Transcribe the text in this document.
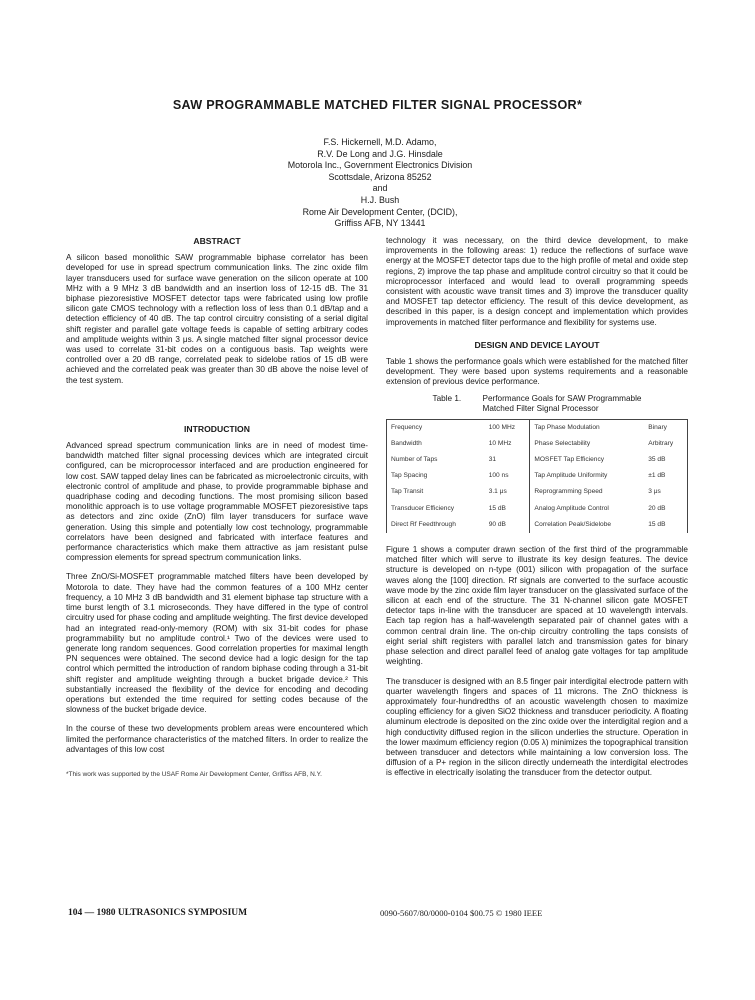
SAW PROGRAMMABLE MATCHED FILTER SIGNAL PROCESSOR*
F.S. Hickernell, M.D. Adamo,
R.V. De Long and J.G. Hinsdale
Motorola Inc., Government Electronics Division
Scottsdale, Arizona 85252
and
H.J. Bush
Rome Air Development Center, (DCID),
Griffiss AFB, NY 13441
ABSTRACT

A silicon based monolithic SAW programmable biphase correlator has been developed for use in spread spectrum communication links. The zinc oxide film layer transducers used for surface wave generation on the silicon operate at 100 MHz with a 9 MHz 3 dB bandwidth and an insertion loss of 12-15 dB. The 31 biphase piezoresistive MOSFET detector taps were fabricated using low profile silicon gate CMOS technology with a reflection loss of less than 0.1 dB/tap and a detection efficiency of 40 dB. The tap control circuitry consisting of a serial digital shift register and parallel gate voltage feeds is capable of setting arbitrary codes and amplitude weights within 3 μs. A single matched filter signal processor device was used to correlate 31-bit codes on a contiguous basis. Tap weights were controlled over a 20 dB range, correlated peak to sidelobe ratios of 15 dB were achieved and the correlated peak was greater than 30 dB above the noise level of the test system.

INTRODUCTION

Advanced spread spectrum communication links are in need of modest time-bandwidth matched filter signal processing devices which are integrated circuit configured, can be microprocessor interfaced and are production engineered for low cost. SAW tapped delay lines can be fabricated as microelectronic circuits, with electronic control of amplitude and phase, to provide programmable biphase and quadriphase coding and decoding functions. The most promising silicon based monolithic approach is to use voltage programmable MOSFET piezoresistive taps as detectors and zinc oxide (ZnO) film layer transducers for surface wave generation. Using this simple and potentially low cost technology, programmable correlators have been designed and fabricated with interface features and performance characteristics which make them attractive as jam resistant pulse compression elements for spread spectrum communication links.

Three ZnO/Si-MOSFET programmable matched filters have been developed by Motorola to date. They have had the common features of a 100 MHz center frequency, a 10 MHz 3 dB bandwidth and 31 element biphase tap structure with a time burst length of 3.1 microseconds. They have differed in the type of control circuitry used for phase coding and amplitude weighting. The first device developed had an integrated read-only-memory (ROM) with six 31-bit codes for phase programmability but no amplitude control.¹ Two of the devices were used to generate long random sequences. Good correlation properties for maximal length PN sequences were obtained. The second device had a logic design for the tap control which permitted the introduction of random biphase coding through a 31-bit shift register and amplitude weighting through a bucket brigade device.² This substantially increased the flexibility of the device for encoding and decoding operations but extended the time required for setting codes because of the slowness of the bucket brigade device.

In the course of these two developments problem areas were encountered which limited the performance characteristics of the matched filters. In order to realize the advantages of this low cost

*This work was supported by the USAF Rome Air Development Center, Griffiss AFB, N.Y.

technology it was necessary, on the third device development, to make improvements in the following areas: 1) reduce the reflections of surface wave energy at the MOSFET detector taps due to the high profile of metal and oxide step regions, 2) improve the tap phase and amplitude control circuitry so that it could be microprocessor interfaced and would lead to overall programming speeds consistent with acoustic wave transit times and 3) improve the transducer quality and MOSFET tap detector efficiency. The result of this device development, as described in this paper, is a design concept and implementation which provides improvements in matched filter performance and flexibility for systems use.

DESIGN AND DEVICE LAYOUT

Table 1 shows the performance goals which were established for the matched filter development. They were based upon systems requirements and a reasonable extension of previous device performance.

Table 1.	Performance Goals for SAW Programmable
Matched Filter Signal Processor
Frequency	100 MHz	Tap Phase Modulation	Binary
Bandwidth	10 MHz	Phase Selectability	Arbitrary
Number of Taps	31	MOSFET Tap Efficiency	35 dB
Tap Spacing	100 ns	Tap Amplitude Uniformity	±1 dB
Tap Transit	3.1 μs	Reprogramming Speed	3 μs
Transducer Efficiency	15 dB	Analog Amplitude Control	20 dB
Direct Rf Feedthrough	90 dB	Correlation Peak/Sidelobe	15 dB

Figure 1 shows a computer drawn section of the first third of the programmable matched filter which will serve to illustrate its key design features. The device structure is developed on n-type (001) silicon with propagation of the surface waves along the [100] direction. Rf signals are converted to the surface acoustic wave mode by the zinc oxide film layer transducer on the glassivated surface of the silicon at each end of the structure. The 31 N-channel silicon gate MOSFET detector taps in-line with the transducer are spaced at 10 wavelength intervals. Each tap region has a half-wavelength separated pair of channel gates with a common central drain line. The on-chip circuitry controlling the taps consists of eight serial shift registers with parallel latch and transmission gates for binary phase selection and direct parallel feed of analog gate voltages for tap amplitude weighting.

The transducer is designed with an 8.5 finger pair interdigital electrode pattern with quarter wavelength fingers and spaces of 11 microns. The ZnO thickness is approximately four-hundredths of an acoustic wavelength chosen to maximize coupling efficiency for a given SiO2 thickness and transducer periodicity. A floating aluminum electrode is deposited on the zinc oxide over the interdigital region and a high conductivity diffused region in the silicon underlies the structure. Operation in the lower maximum efficiency region (0.05 λ) minimizes the topographical transition between transducer and detectors while maintaining a low conversion loss. The diffusion of a P+ region in the silicon directly underneath the interdigital electrodes is effective in electrically isolating the transducer from the detector output.

104 — 1980 ULTRASONICS SYMPOSIUM	0090-5607/80/0000-0104 $00.75 © 1980 IEEE
